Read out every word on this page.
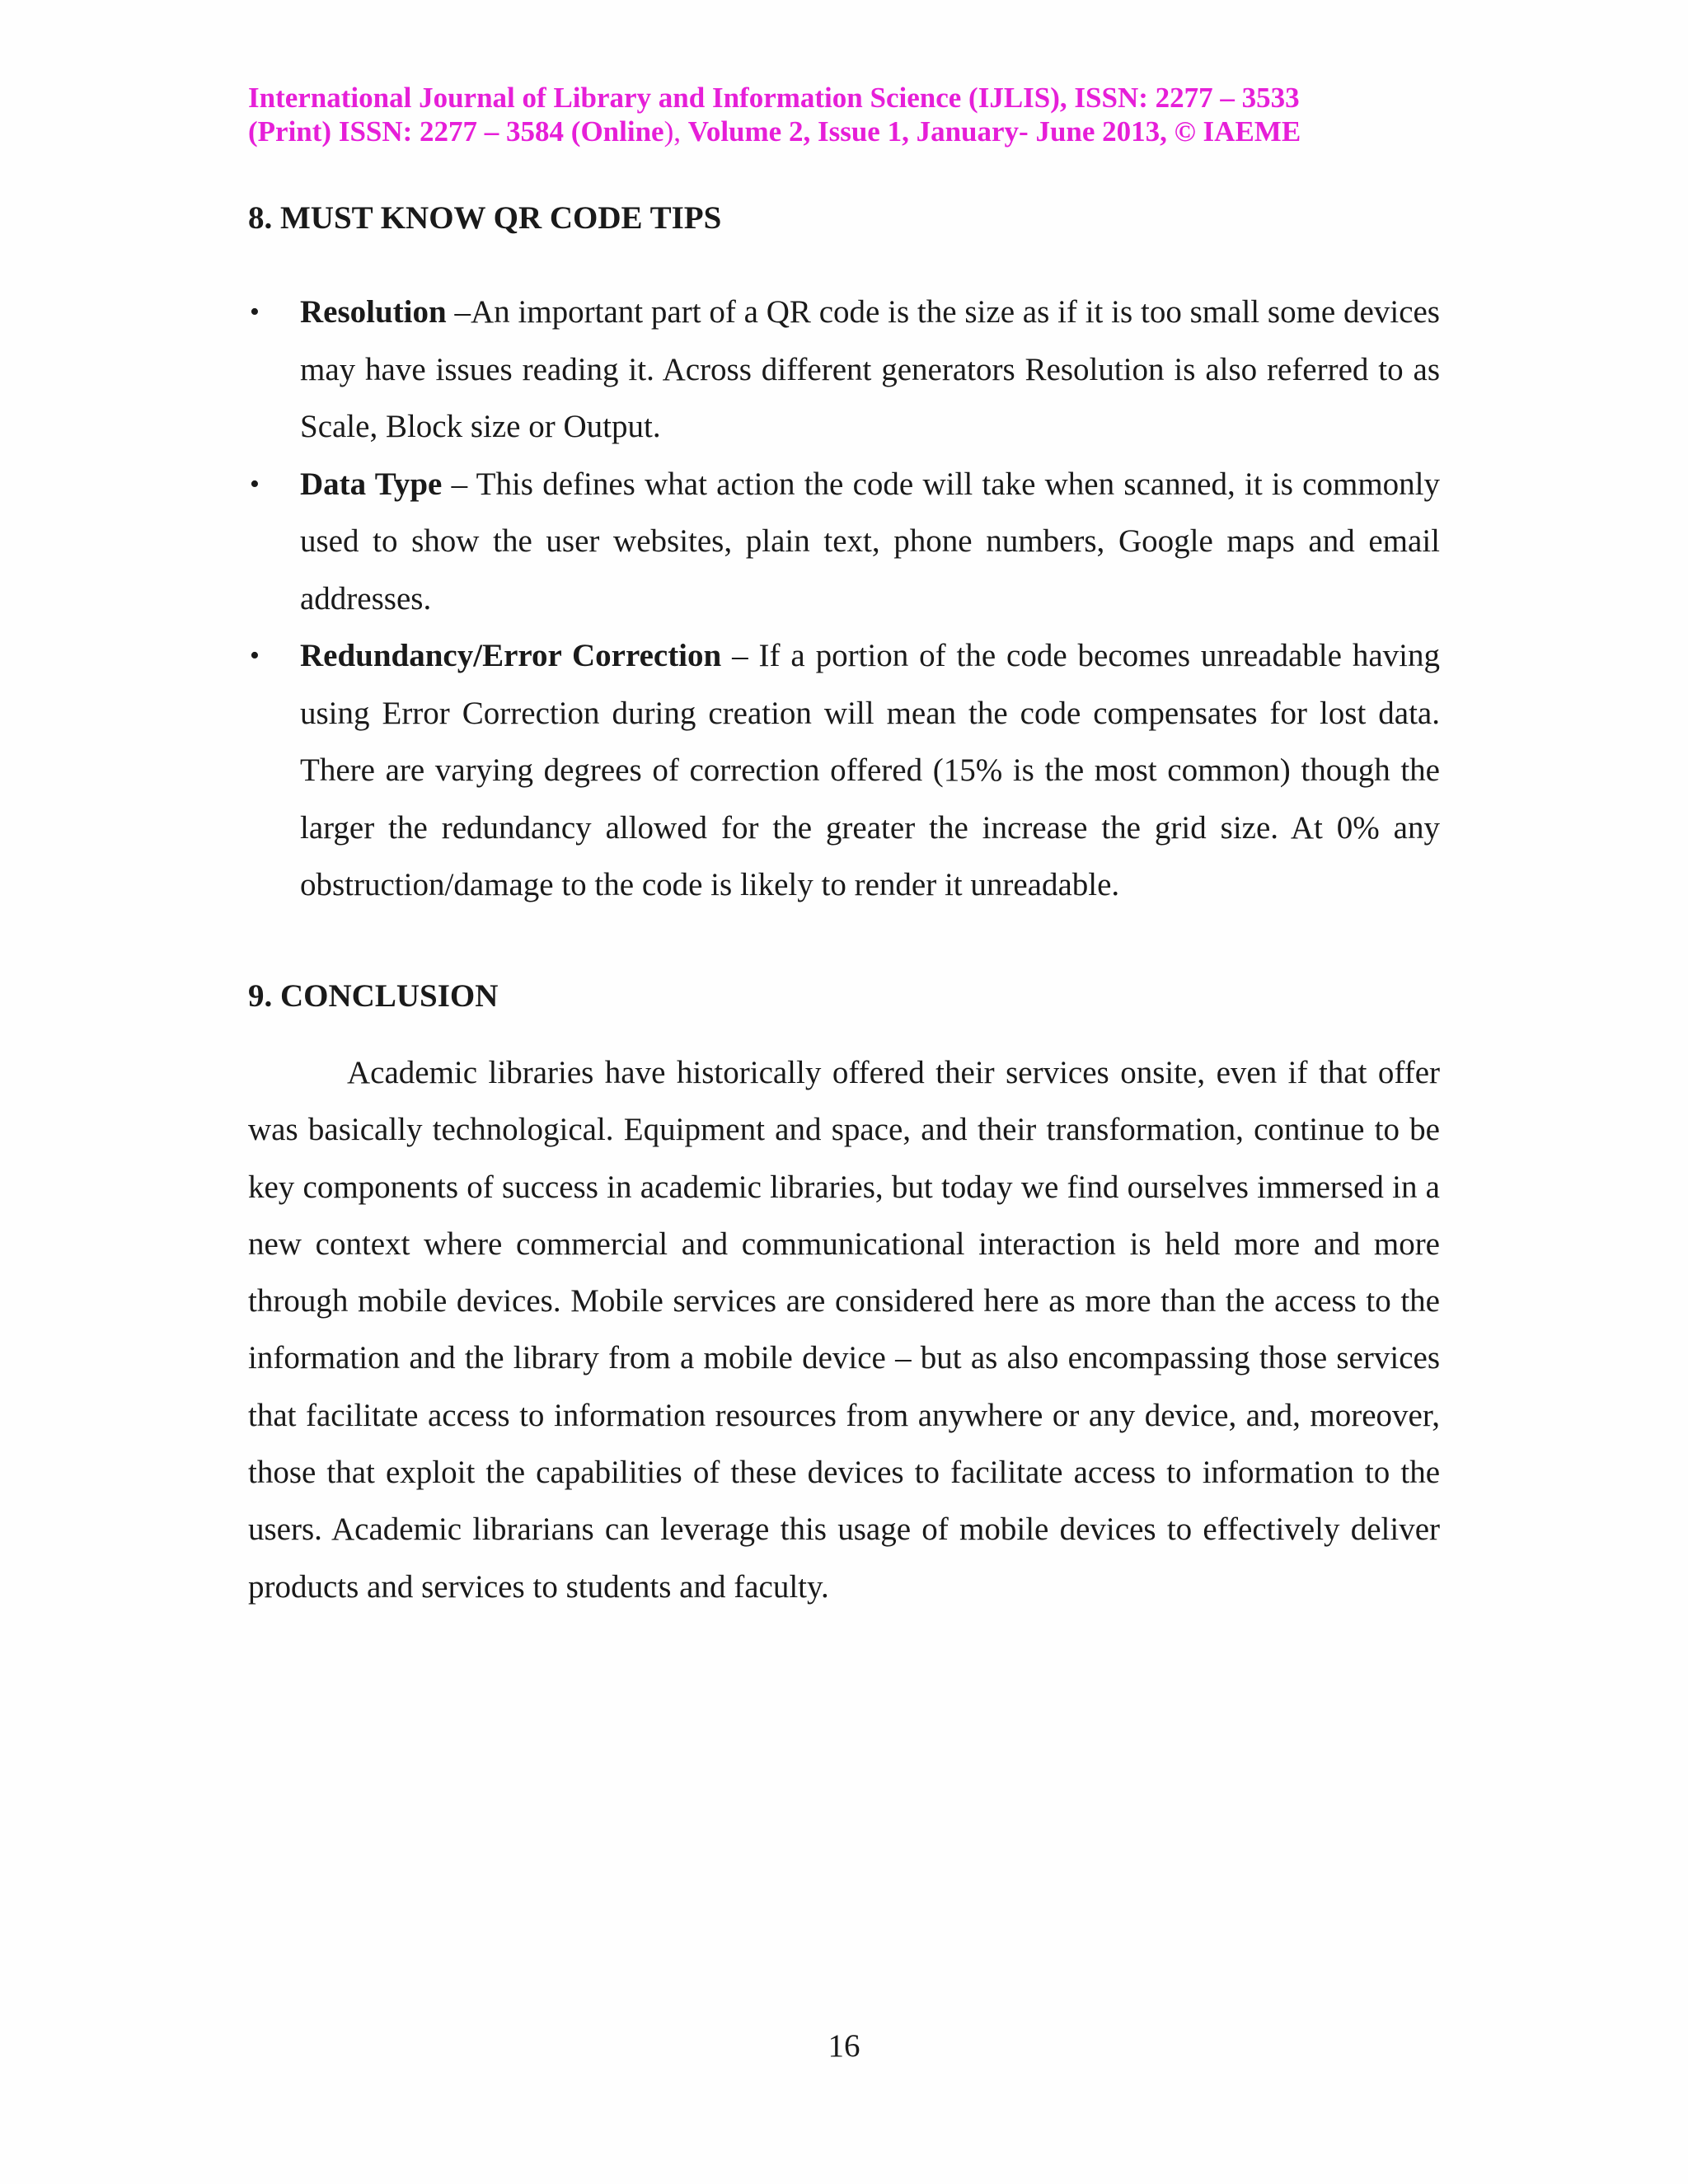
International Journal of Library and Information Science (IJLIS), ISSN: 2277 – 3533
(Print) ISSN: 2277 – 3584 (Online), Volume 2, Issue 1, January- June 2013, © IAEME
8. MUST KNOW QR CODE TIPS
• Resolution –An important part of a QR code is the size as if it is too small some devices may have issues reading it. Across different generators Resolution is also referred to as Scale, Block size or Output.
• Data Type – This defines what action the code will take when scanned, it is commonly used to show the user websites, plain text, phone numbers, Google maps and email addresses.
• Redundancy/Error Correction – If a portion of the code becomes unreadable having using Error Correction during creation will mean the code compensates for lost data. There are varying degrees of correction offered (15% is the most common) though the larger the redundancy allowed for the greater the increase the grid size. At 0% any obstruction/damage to the code is likely to render it unreadable.
9. CONCLUSION

Academic libraries have historically offered their services onsite, even if that offer was basically technological. Equipment and space, and their transformation, continue to be key components of success in academic libraries, but today we find ourselves immersed in a new context where commercial and communicational interaction is held more and more through mobile devices. Mobile services are considered here as more than the access to the information and the library from a mobile device – but as also encompassing those services that facilitate access to information resources from anywhere or any device, and, moreover, those that exploit the capabilities of these devices to facilitate access to information to the users. Academic librarians can leverage this usage of mobile devices to effectively deliver products and services to students and faculty.

16
